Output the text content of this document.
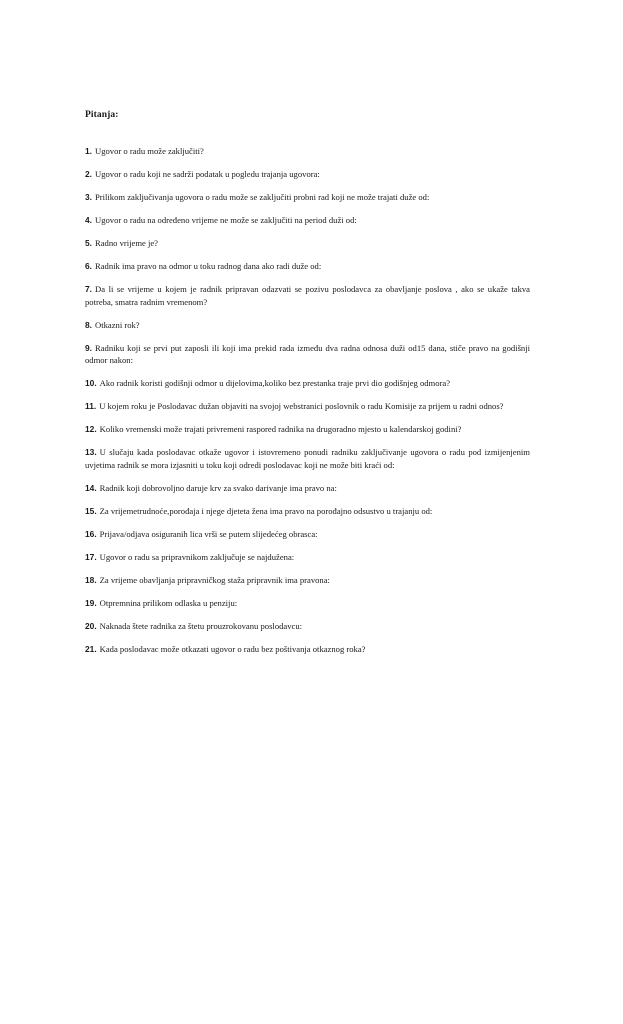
Pitanja:
1. Ugovor o radu može zaključiti?
2. Ugovor o radu koji ne sadrži podatak u pogledu trajanja ugovora:
3. Prilikom zaključivanja ugovora o radu može se zaključiti probni rad koji ne može trajati duže od:
4. Ugovor o radu na određeno vrijeme ne može se zaključiti na period duži od:
5. Radno vrijeme je?
6. Radnik ima pravo na odmor u toku radnog dana ako radi duže od:
7. Da li se vrijeme u kojem je radnik pripravan odazvati se pozivu poslodavca za obavljanje poslova , ako se ukaže takva potreba, smatra radnim vremenom?
8. Otkazni rok?
9. Radniku koji se prvi put zaposli ili koji ima prekid rada između dva radna odnosa duži od15 dana, stiče pravo na godišnji odmor nakon:
10. Ako radnik koristi godišnji odmor u dijelovima,koliko bez prestanka traje prvi dio godišnjeg odmora?
11. U kojem roku je Poslodavac dužan objaviti na svojoj webstranici poslovnik o radu Komisije za prijem u radni odnos?
12. Koliko vremenski može trajati privremeni raspored radnika na drugoradno mjesto u kalendarskoj godini?
13. U slučaju kada poslodavac otkaže ugovor i istovremeno ponudi radniku zaključivanje ugovora o radu pod izmijenjenim uvjetima radnik se mora izjasniti u toku koji odredi poslodavac koji ne može biti kraći od:
14. Radnik koji dobrovoljno daruje krv za svako darivanje ima pravo na:
15. Za vrijemetrudnoće,porođaja i njege djeteta žena ima pravo na porođajno odsustvo u trajanju od:
16. Prijava/odjava osiguranih lica vrši se putem slijedećeg obrasca:
17. Ugovor o radu sa pripravnikom zaključuje se najdužena:
18. Za vrijeme obavljanja pripravničkog staža pripravnik ima pravona:
19. Otpremnina prilikom odlaska u penziju:
20. Naknada štete radnika za štetu prouzrokovanu poslodavcu:
21. Kada poslodavac može otkazati ugovor o radu bez poštivanja otkaznog roka?
